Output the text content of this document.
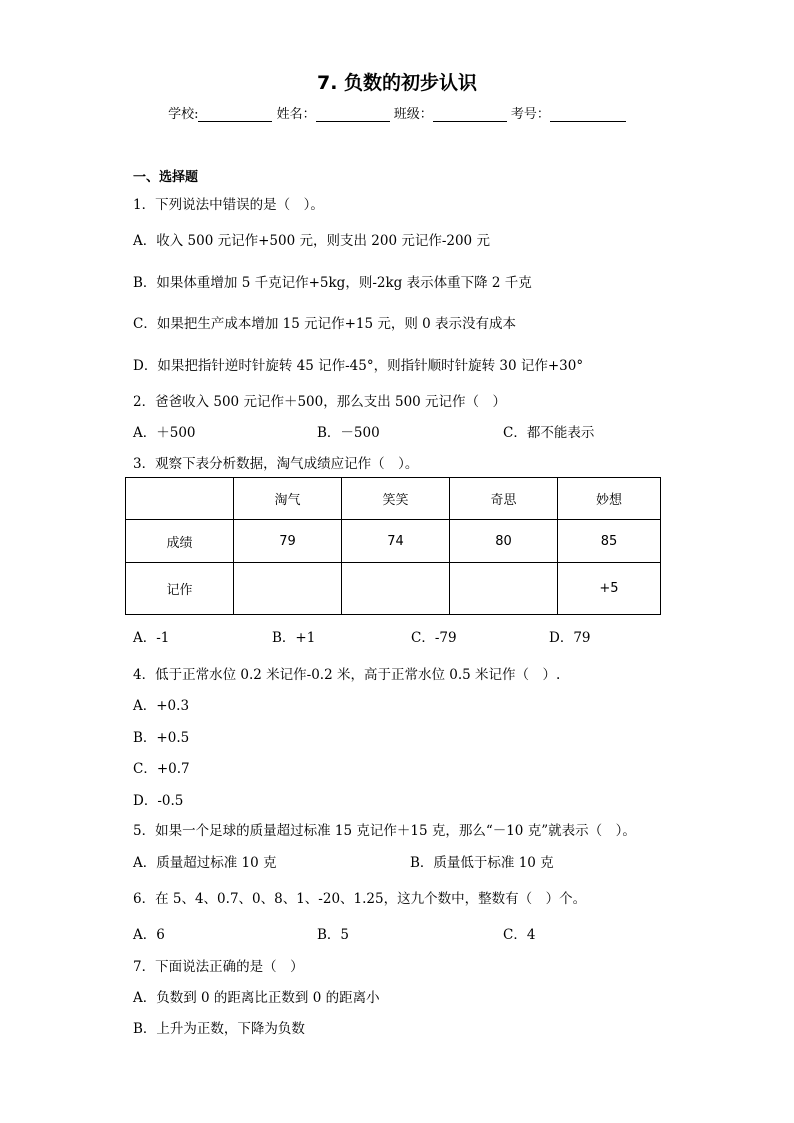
7. 负数的初步认识
学校:	姓名：	班级：	考号：
一、选择题
1．下列说法中错误的是（　）。
A．收入 500 元记作+500 元，则支出 200 元记作-200 元
B．如果体重增加 5 千克记作+5kg，则-2kg 表示体重下降 2 千克
C．如果把生产成本增加 15 元记作+15 元，则 0 表示没有成本
D．如果把指针逆时针旋转 45 记作-45°，则指针顺时针旋转 30 记作+30°
2．爸爸收入 500 元记作＋500，那么支出 500 元记作（　）
A．＋500	B．－500	C．都不能表示
3．观察下表分析数据，淘气成绩应记作（　）。
	淘气	笑笑	奇思	妙想
成绩	79	74	80	85
记作				+5
A．-1	B．+1	C．-79	D．79
4．低于正常水位 0.2 米记作-0.2 米，高于正常水位 0.5 米记作（　）.
A．+0.3
B．+0.5
C．+0.7
D．-0.5
5．如果一个足球的质量超过标准 15 克记作＋15 克，那么“－10 克”就表示（　）。
A．质量超过标准 10 克	B．质量低于标准 10 克
6．在 5、4、0.7、0、8、1、-20、1.25，这九个数中，整数有（　）个。
A．6	B．5	C．4
7．下面说法正确的是（　）
A．负数到 0 的距离比正数到 0 的距离小
B．上升为正数，下降为负数
